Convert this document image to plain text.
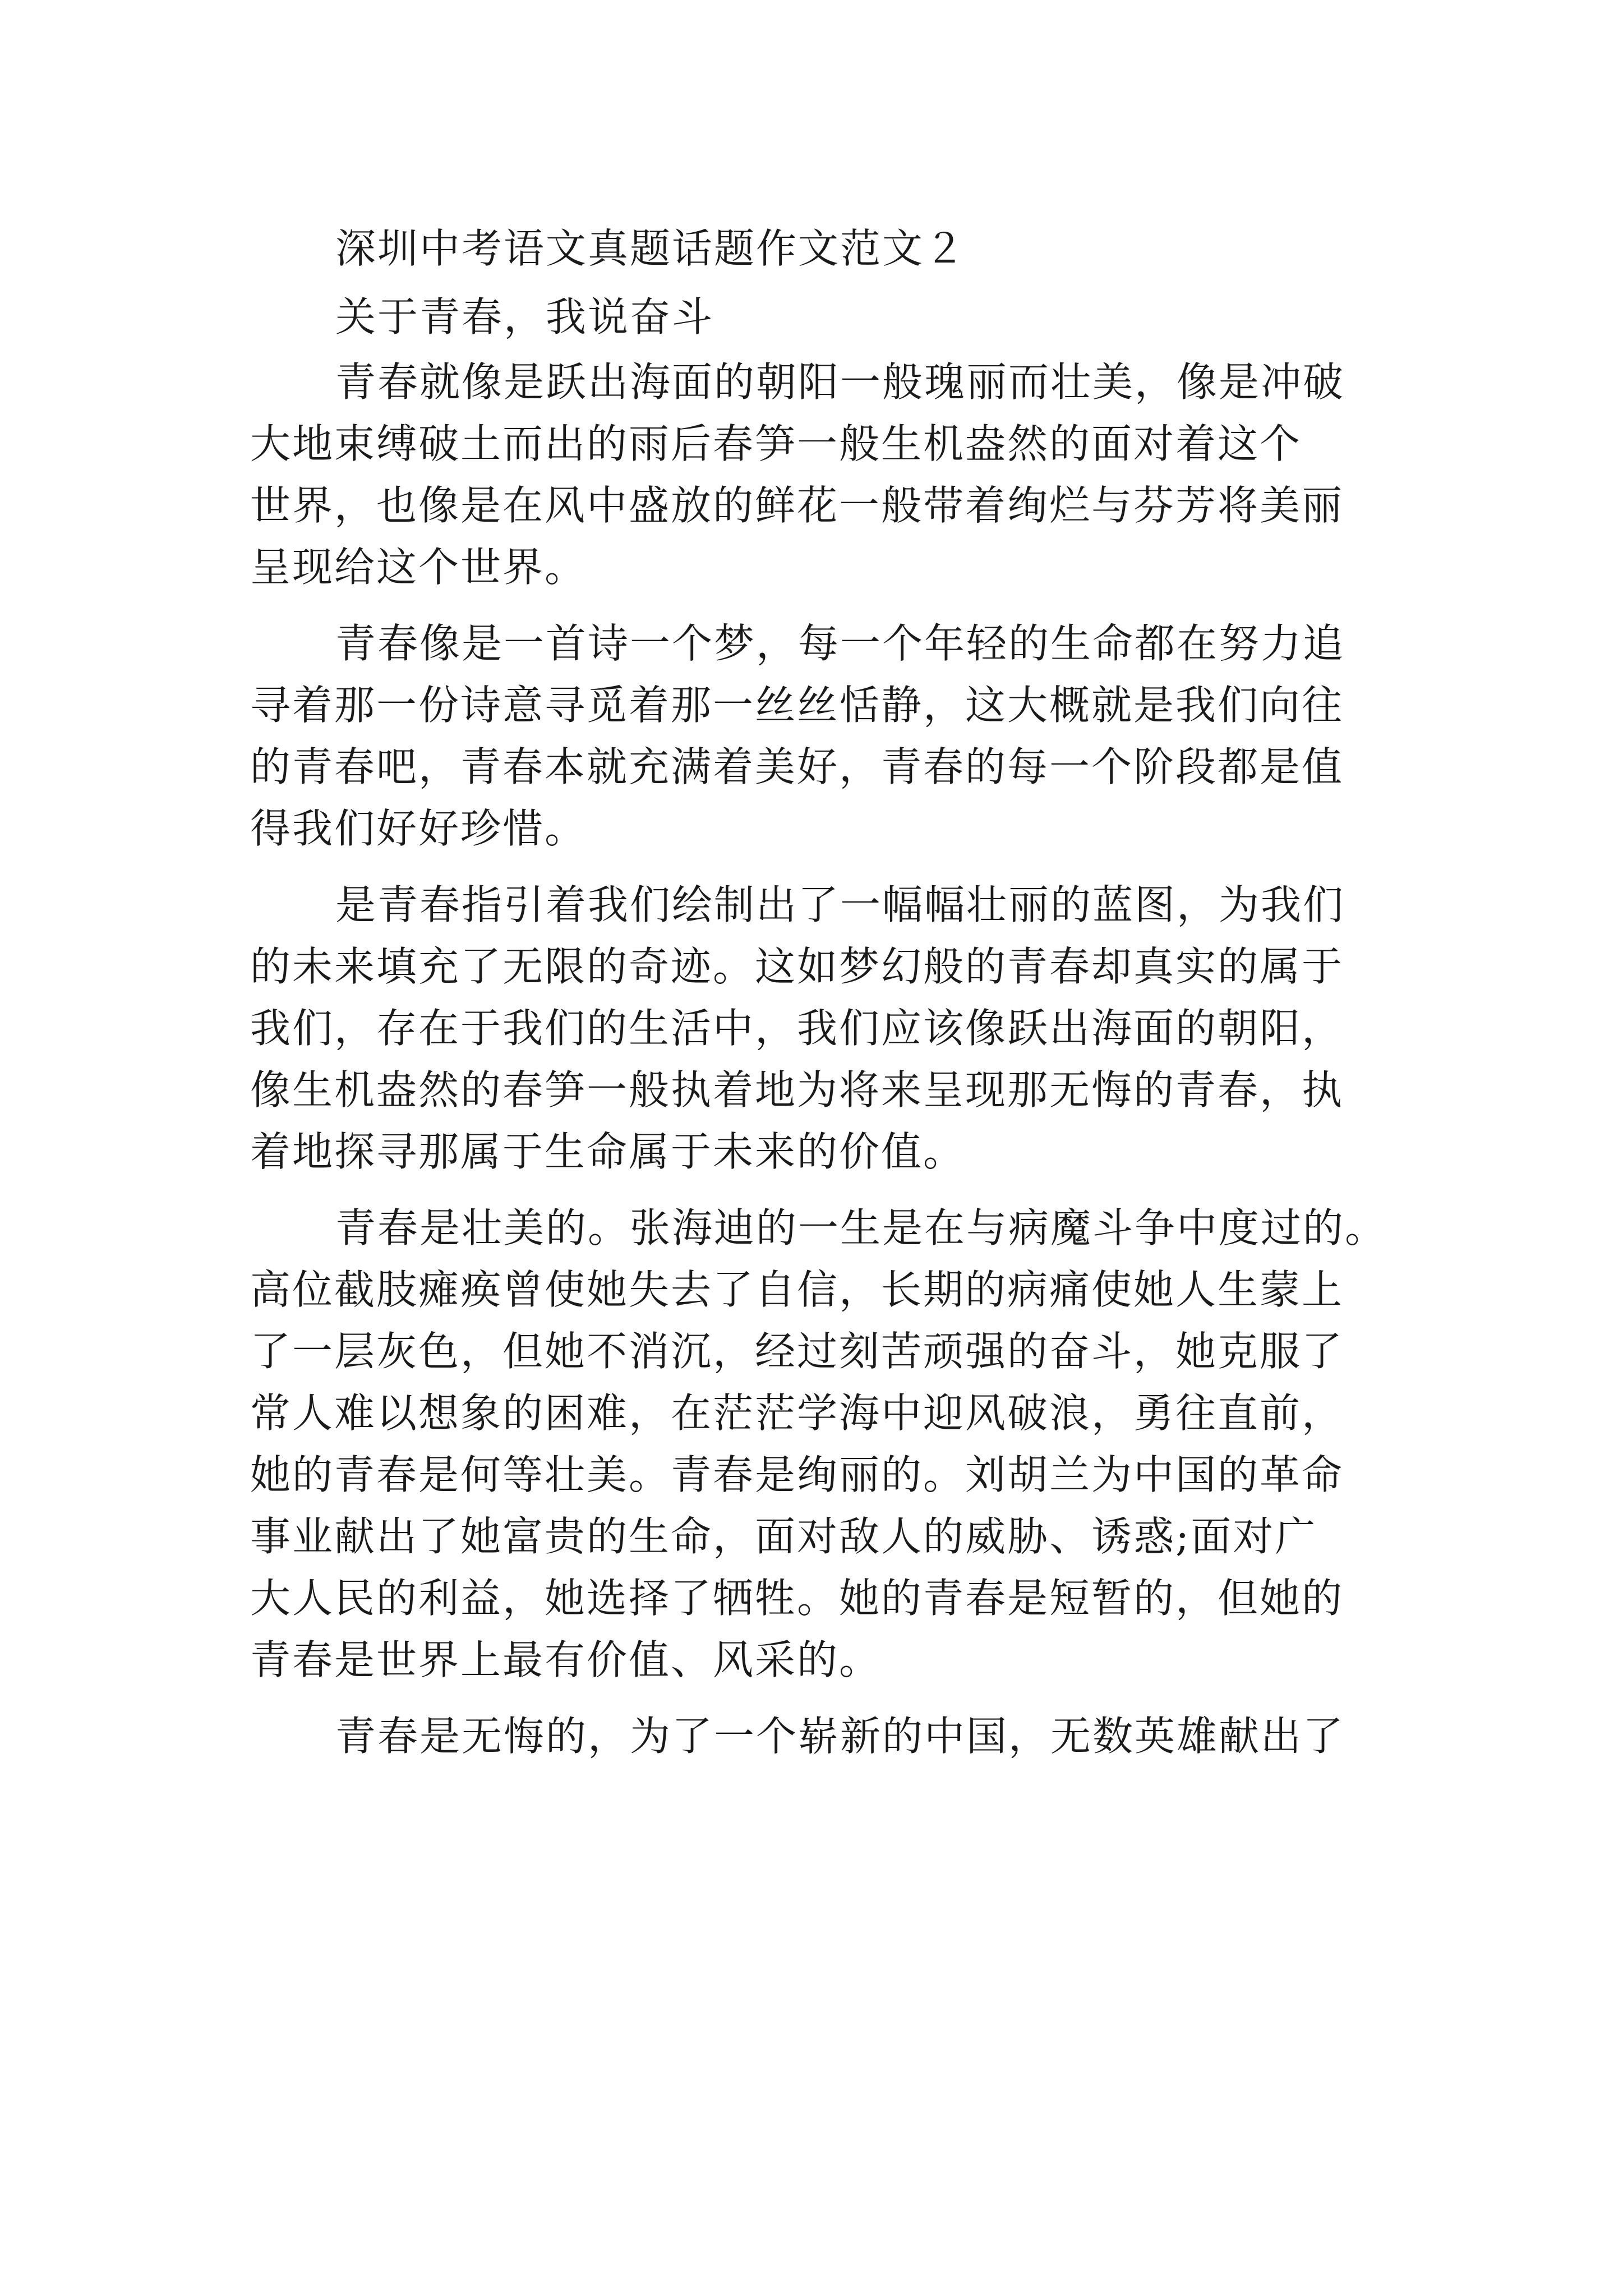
深圳中考语文真题话题作文范文２

关于青春，我说奋斗

青春就像是跃出海面的朝阳一般瑰丽而壮美，像是冲破

大地束缚破土而出的雨后春笋一般生机盎然的面对着这个

世界，也像是在风中盛放的鲜花一般带着绚烂与芬芳将美丽

呈现给这个世界。

青春像是一首诗一个梦，每一个年轻的生命都在努力追

寻着那一份诗意寻觅着那一丝丝恬静，这大概就是我们向往

的青春吧，青春本就充满着美好，青春的每一个阶段都是值

得我们好好珍惜。

是青春指引着我们绘制出了一幅幅壮丽的蓝图，为我们

的未来填充了无限的奇迹。这如梦幻般的青春却真实的属于

我们，存在于我们的生活中，我们应该像跃出海面的朝阳，

像生机盎然的春笋一般执着地为将来呈现那无悔的青春，执

着地探寻那属于生命属于未来的价值。

青春是壮美的。张海迪的一生是在与病魔斗争中度过的。

高位截肢瘫痪曾使她失去了自信，长期的病痛使她人生蒙上

了一层灰色，但她不消沉，经过刻苦顽强的奋斗，她克服了

常人难以想象的困难，在茫茫学海中迎风破浪，勇往直前，

她的青春是何等壮美。青春是绚丽的。刘胡兰为中国的革命

事业献出了她富贵的生命，面对敌人的威胁、诱惑;面对广

大人民的利益，她选择了牺牲。她的青春是短暂的，但她的

青春是世界上最有价值、风采的。

青春是无悔的，为了一个崭新的中国，无数英雄献出了
